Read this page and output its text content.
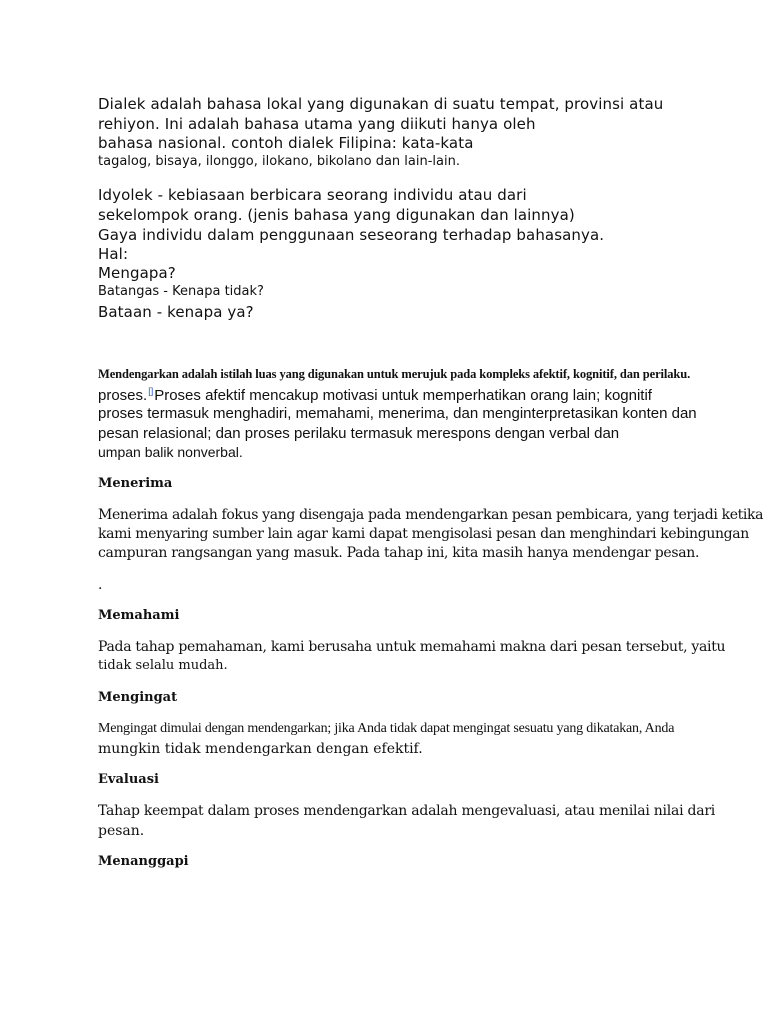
Dialek adalah bahasa lokal yang digunakan di suatu tempat, provinsi atau
rehiyon. Ini adalah bahasa utama yang diikuti hanya oleh
bahasa nasional. contoh dialek Filipina: kata-kata
tagalog, bisaya, ilonggo, ilokano, bikolano dan lain-lain.
Idyolek - kebiasaan berbicara seorang individu atau dari
sekelompok orang. (jenis bahasa yang digunakan dan lainnya)
Gaya individu dalam penggunaan seseorang terhadap bahasanya.
Hal:
Mengapa?
Batangas - Kenapa tidak?
Bataan - kenapa ya?
Mendengarkan adalah istilah luas yang digunakan untuk merujuk pada kompleks afektif, kognitif, dan perilaku.
proses.[]Proses afektif mencakup motivasi untuk memperhatikan orang lain; kognitif
proses termasuk menghadiri, memahami, menerima, dan menginterpretasikan konten dan
pesan relasional; dan proses perilaku termasuk merespons dengan verbal dan
umpan balik nonverbal.
Menerima
Menerima adalah fokus yang disengaja pada mendengarkan pesan pembicara, yang terjadi ketika
kami menyaring sumber lain agar kami dapat mengisolasi pesan dan menghindari kebingungan
campuran rangsangan yang masuk. Pada tahap ini, kita masih hanya mendengar pesan.
.
Memahami
Pada tahap pemahaman, kami berusaha untuk memahami makna dari pesan tersebut, yaitu
tidak selalu mudah.
Mengingat
Mengingat dimulai dengan mendengarkan; jika Anda tidak dapat mengingat sesuatu yang dikatakan, Anda
mungkin tidak mendengarkan dengan efektif.
Evaluasi
Tahap keempat dalam proses mendengarkan adalah mengevaluasi, atau menilai nilai dari
pesan.
Menanggapi
